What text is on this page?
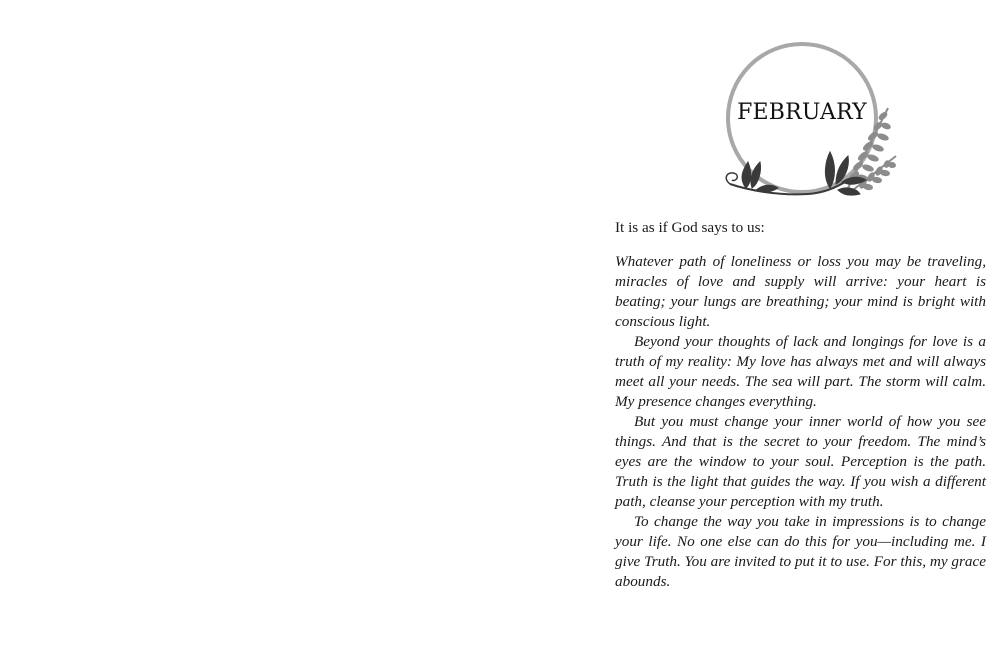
FEBRUARY

It is as if God says to us:

Whatever path of loneliness or loss you may be traveling, miracles of love and supply will arrive: your heart is beating; your lungs are breathing; your mind is bright with conscious light.

Beyond your thoughts of lack and longings for love is a truth of my reality: My love has always met and will always meet all your needs. The sea will part. The storm will calm. My presence changes everything.

But you must change your inner world of how you see things. And that is the secret to your freedom. The mind’s eyes are the window to your soul. Perception is the path. Truth is the light that guides the way. If you wish a different path, cleanse your perception with my truth.

To change the way you take in impressions is to change your life. No one else can do this for you—including me. I give Truth. You are invited to put it to use. For this, my grace abounds.
